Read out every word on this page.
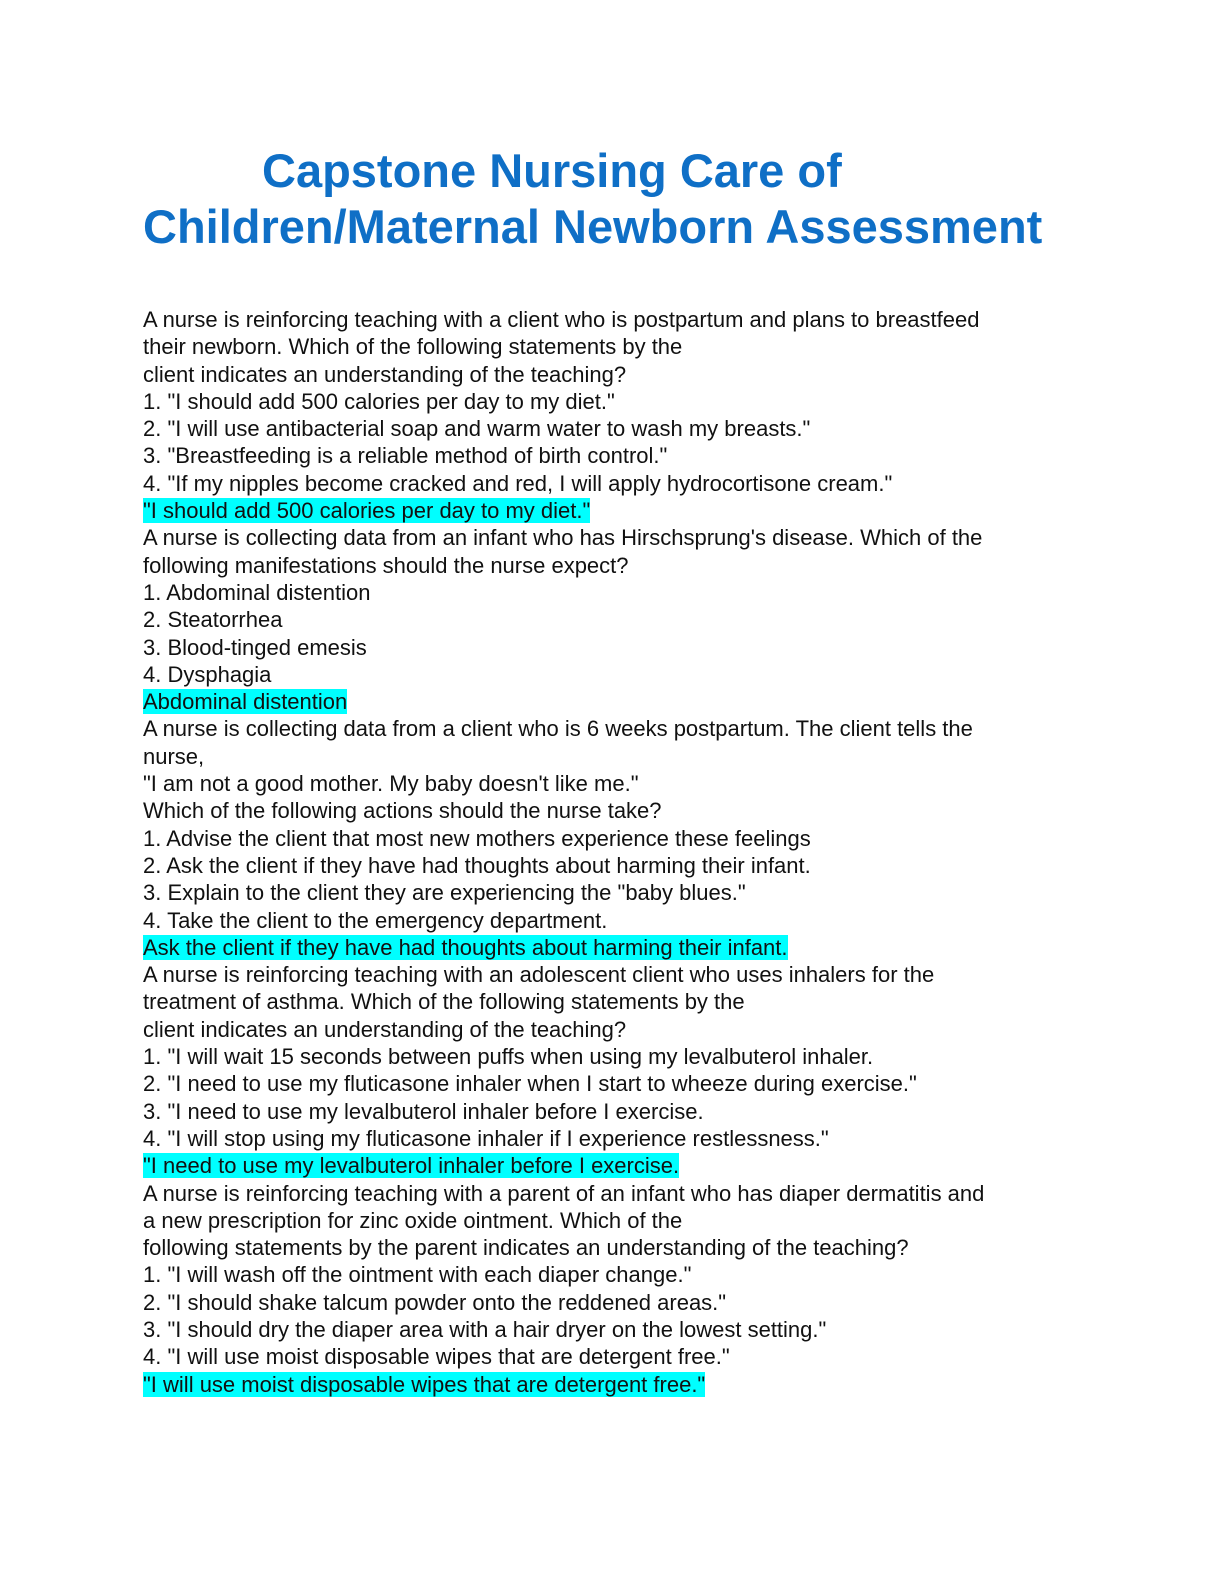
Capstone Nursing Care of
Children/Maternal Newborn Assessment
A nurse is reinforcing teaching with a client who is postpartum and plans to breastfeed
their newborn. Which of the following statements by the
client indicates an understanding of the teaching?
1. "I should add 500 calories per day to my diet."
2. "I will use antibacterial soap and warm water to wash my breasts."
3. "Breastfeeding is a reliable method of birth control."
4. "If my nipples become cracked and red, I will apply hydrocortisone cream."
"I should add 500 calories per day to my diet."
A nurse is collecting data from an infant who has Hirschsprung's disease. Which of the
following manifestations should the nurse expect?
1. Abdominal distention
2. Steatorrhea
3. Blood-tinged emesis
4. Dysphagia
Abdominal distention
A nurse is collecting data from a client who is 6 weeks postpartum. The client tells the
nurse,
"I am not a good mother. My baby doesn't like me."
Which of the following actions should the nurse take?
1. Advise the client that most new mothers experience these feelings
2. Ask the client if they have had thoughts about harming their infant.
3. Explain to the client they are experiencing the "baby blues."
4. Take the client to the emergency department.
Ask the client if they have had thoughts about harming their infant.
A nurse is reinforcing teaching with an adolescent client who uses inhalers for the
treatment of asthma. Which of the following statements by the
client indicates an understanding of the teaching?
1. "I will wait 15 seconds between puffs when using my levalbuterol inhaler.
2. "I need to use my fluticasone inhaler when I start to wheeze during exercise."
3. "I need to use my levalbuterol inhaler before I exercise.
4. "I will stop using my fluticasone inhaler if I experience restlessness."
"I need to use my levalbuterol inhaler before I exercise.
A nurse is reinforcing teaching with a parent of an infant who has diaper dermatitis and
a new prescription for zinc oxide ointment. Which of the
following statements by the parent indicates an understanding of the teaching?
1. "I will wash off the ointment with each diaper change."
2. "I should shake talcum powder onto the reddened areas."
3. "I should dry the diaper area with a hair dryer on the lowest setting."
4. "I will use moist disposable wipes that are detergent free."
"I will use moist disposable wipes that are detergent free."
